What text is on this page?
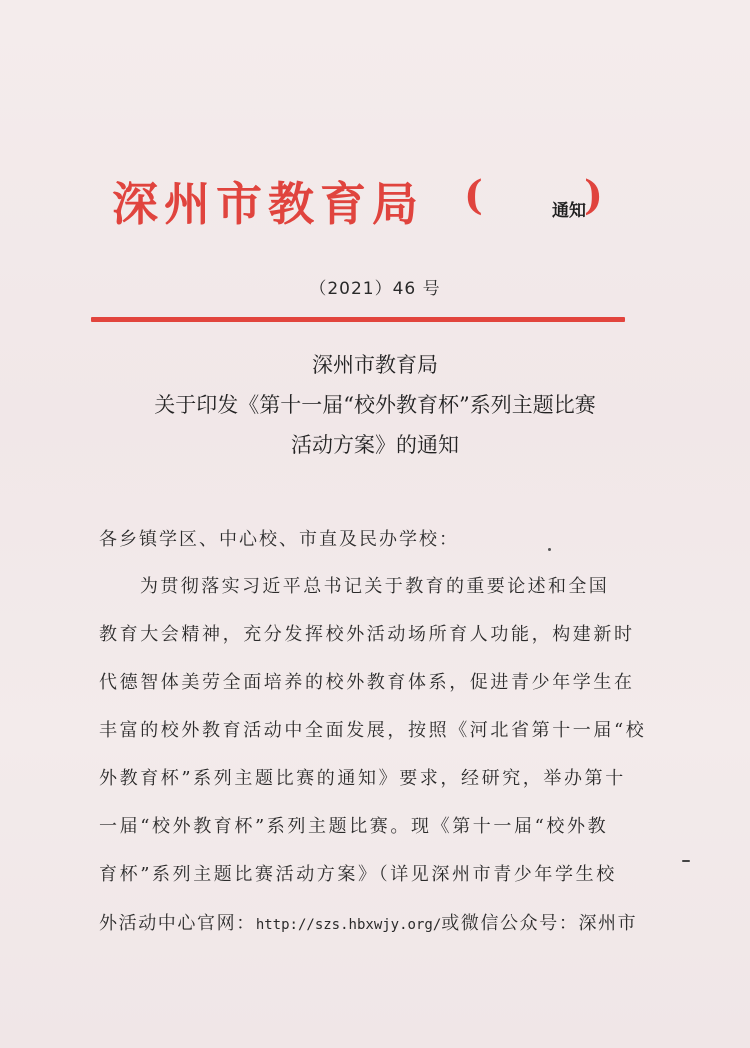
深州市教育局 (	通知
)
（2021）46 号
深州市教育局
关于印发《第十一届“校外教育杯”系列主题比赛
活动方案》的通知
各乡镇学区、中心校、市直及民办学校：
为贯彻落实习近平总书记关于教育的重要论述和全国
教育大会精神，充分发挥校外活动场所育人功能，构建新时
代德智体美劳全面培养的校外教育体系，促进青少年学生在
丰富的校外教育活动中全面发展，按照《河北省第十一届“校
外教育杯”系列主题比赛的通知》要求，经研究，举办第十
一届“校外教育杯”系列主题比赛。现《第十一届“校外教
育杯”系列主题比赛活动方案》（详见深州市青少年学生校
外活动中心官网：http://szs.hbxwjy.org/或微信公众号：深州市
